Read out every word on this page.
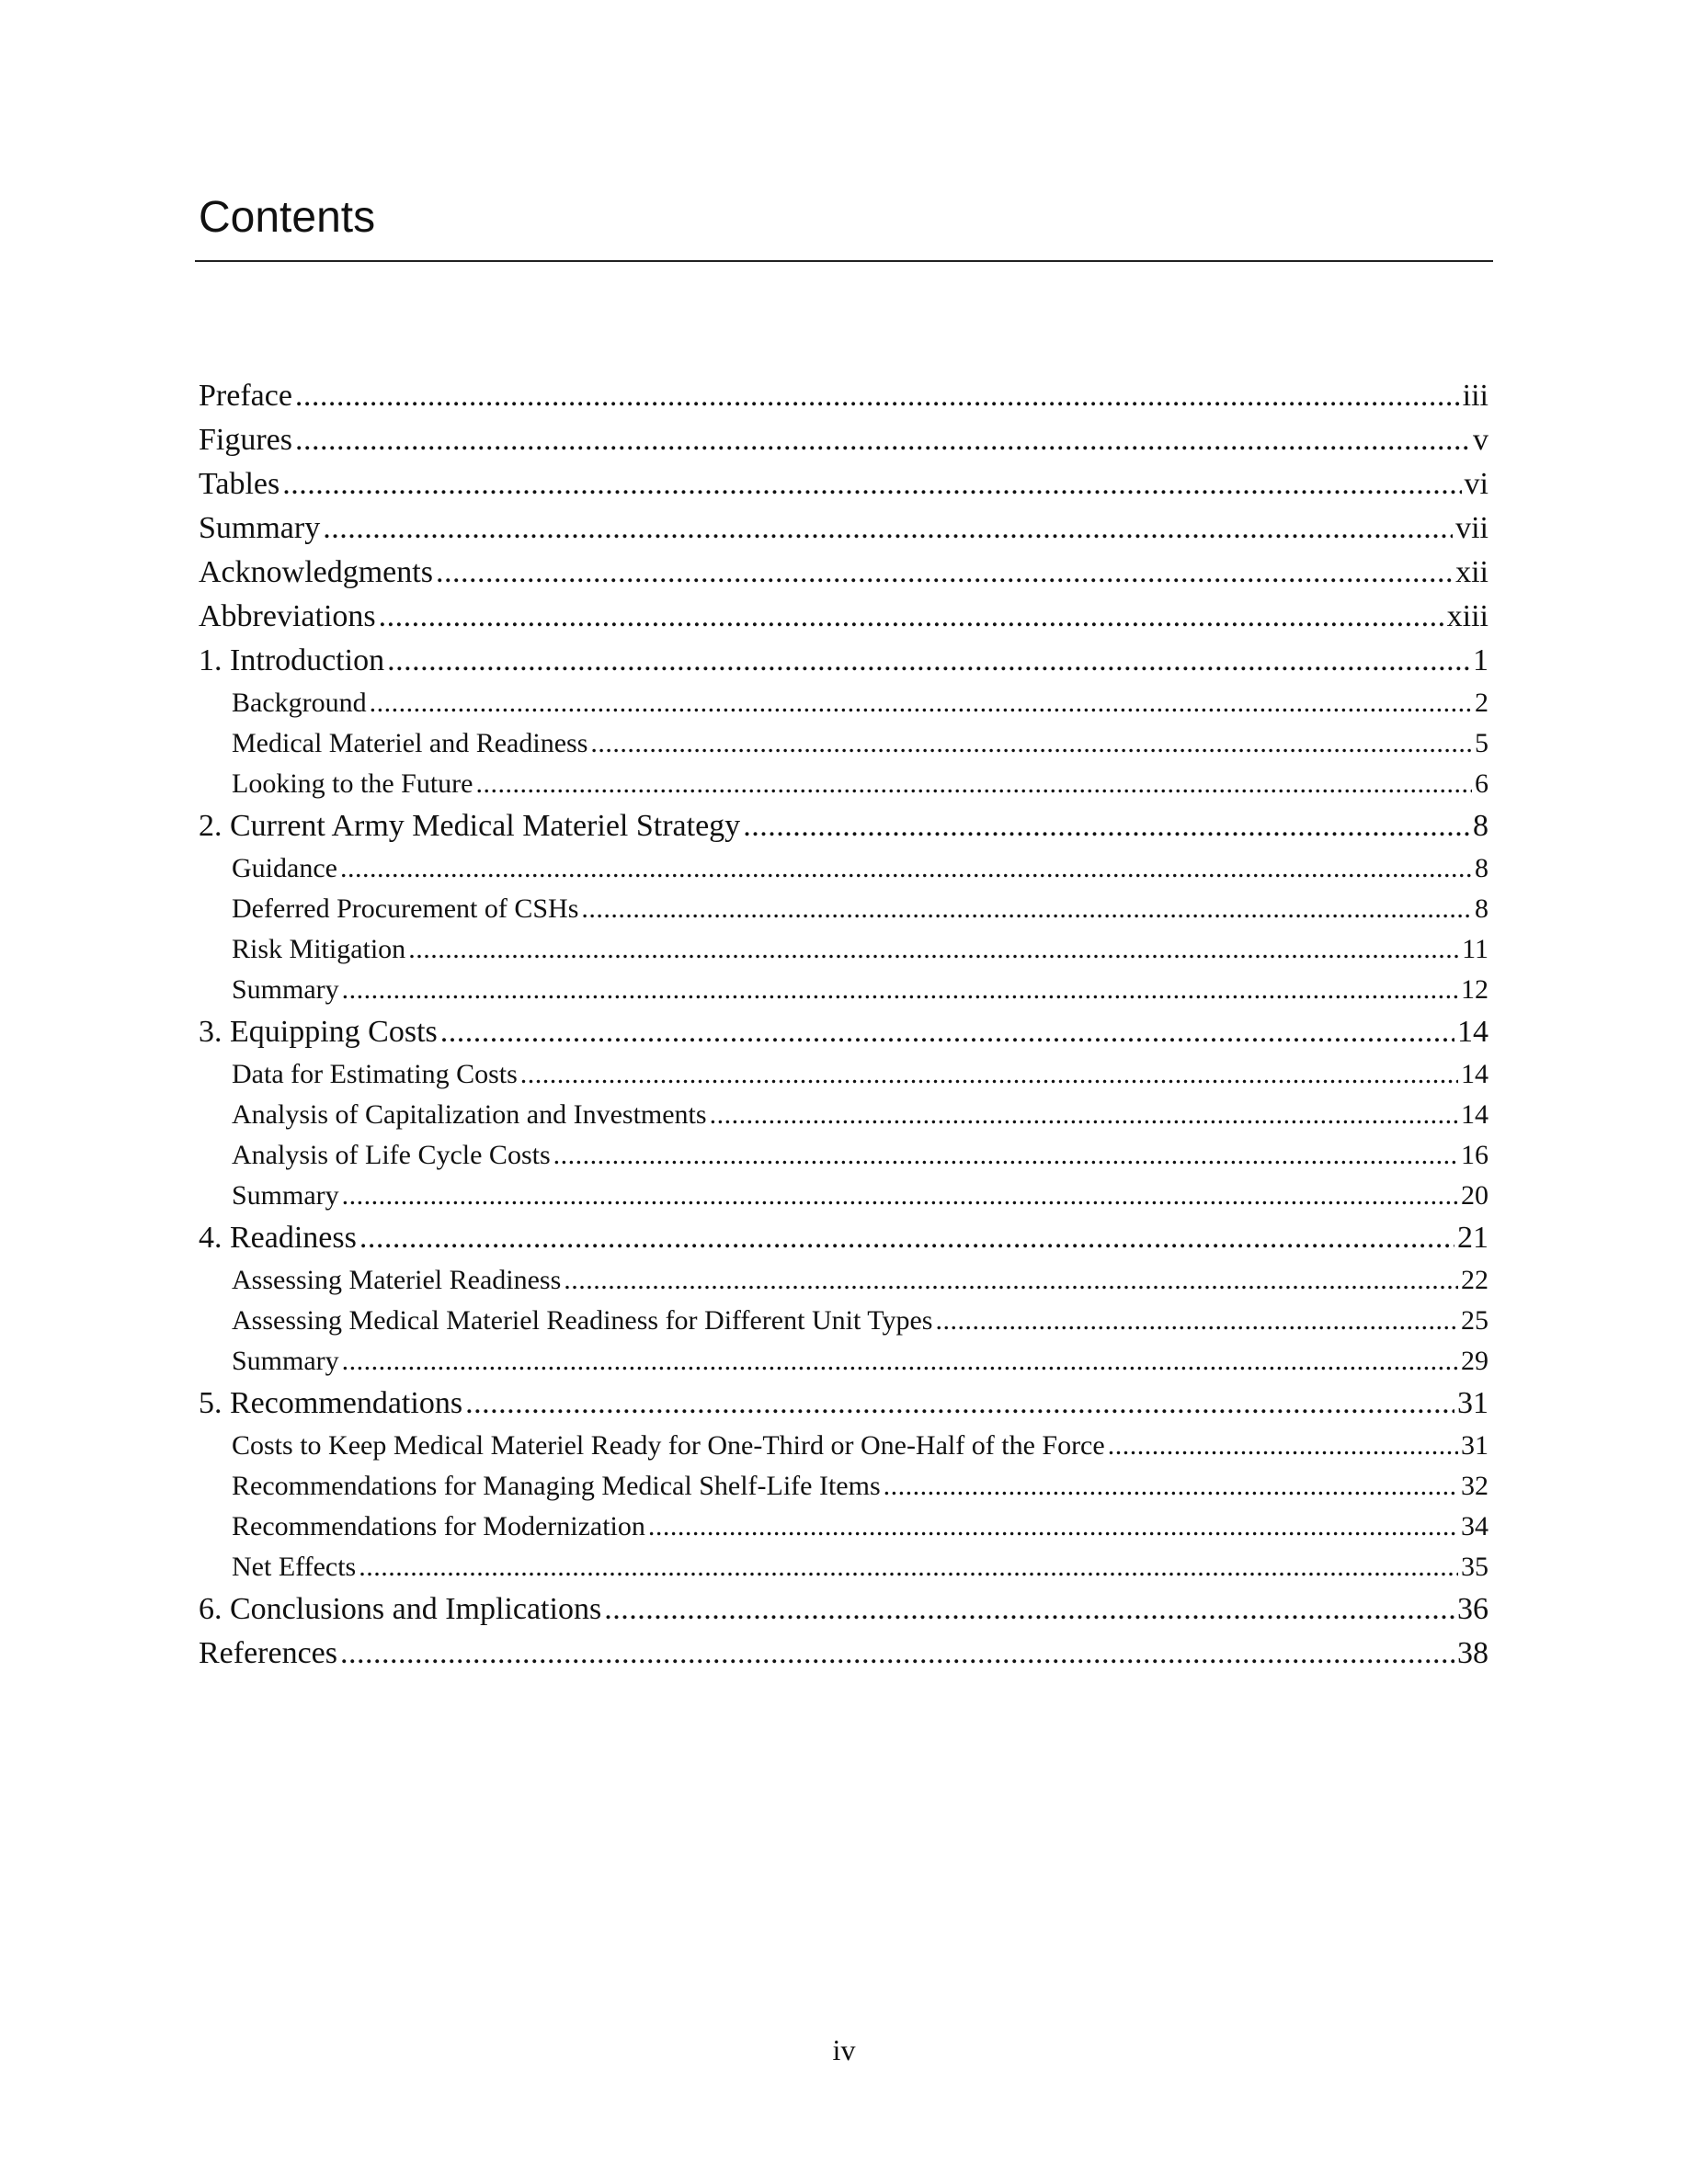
Contents
Preface .....	iii
Figures .....	v
Tables .....	vi
Summary .....	vii
Acknowledgments .....	xii
Abbreviations .....	xiii
1. Introduction .....	1
Background .....	2
Medical Materiel and Readiness .....	5
Looking to the Future .....	6
2. Current Army Medical Materiel Strategy .....	8
Guidance .....	8
Deferred Procurement of CSHs .....	8
Risk Mitigation .....	11
Summary .....	12
3. Equipping Costs .....	14
Data for Estimating Costs .....	14
Analysis of Capitalization and Investments .....	14
Analysis of Life Cycle Costs .....	16
Summary .....	20
4. Readiness .....	21
Assessing Materiel Readiness .....	22
Assessing Medical Materiel Readiness for Different Unit Types .....	25
Summary .....	29
5. Recommendations .....	31
Costs to Keep Medical Materiel Ready for One-Third or One-Half of the Force .....	31
Recommendations for Managing Medical Shelf-Life Items .....	32
Recommendations for Modernization .....	34
Net Effects .....	35
6. Conclusions and Implications .....	36
References .....	38
iv
